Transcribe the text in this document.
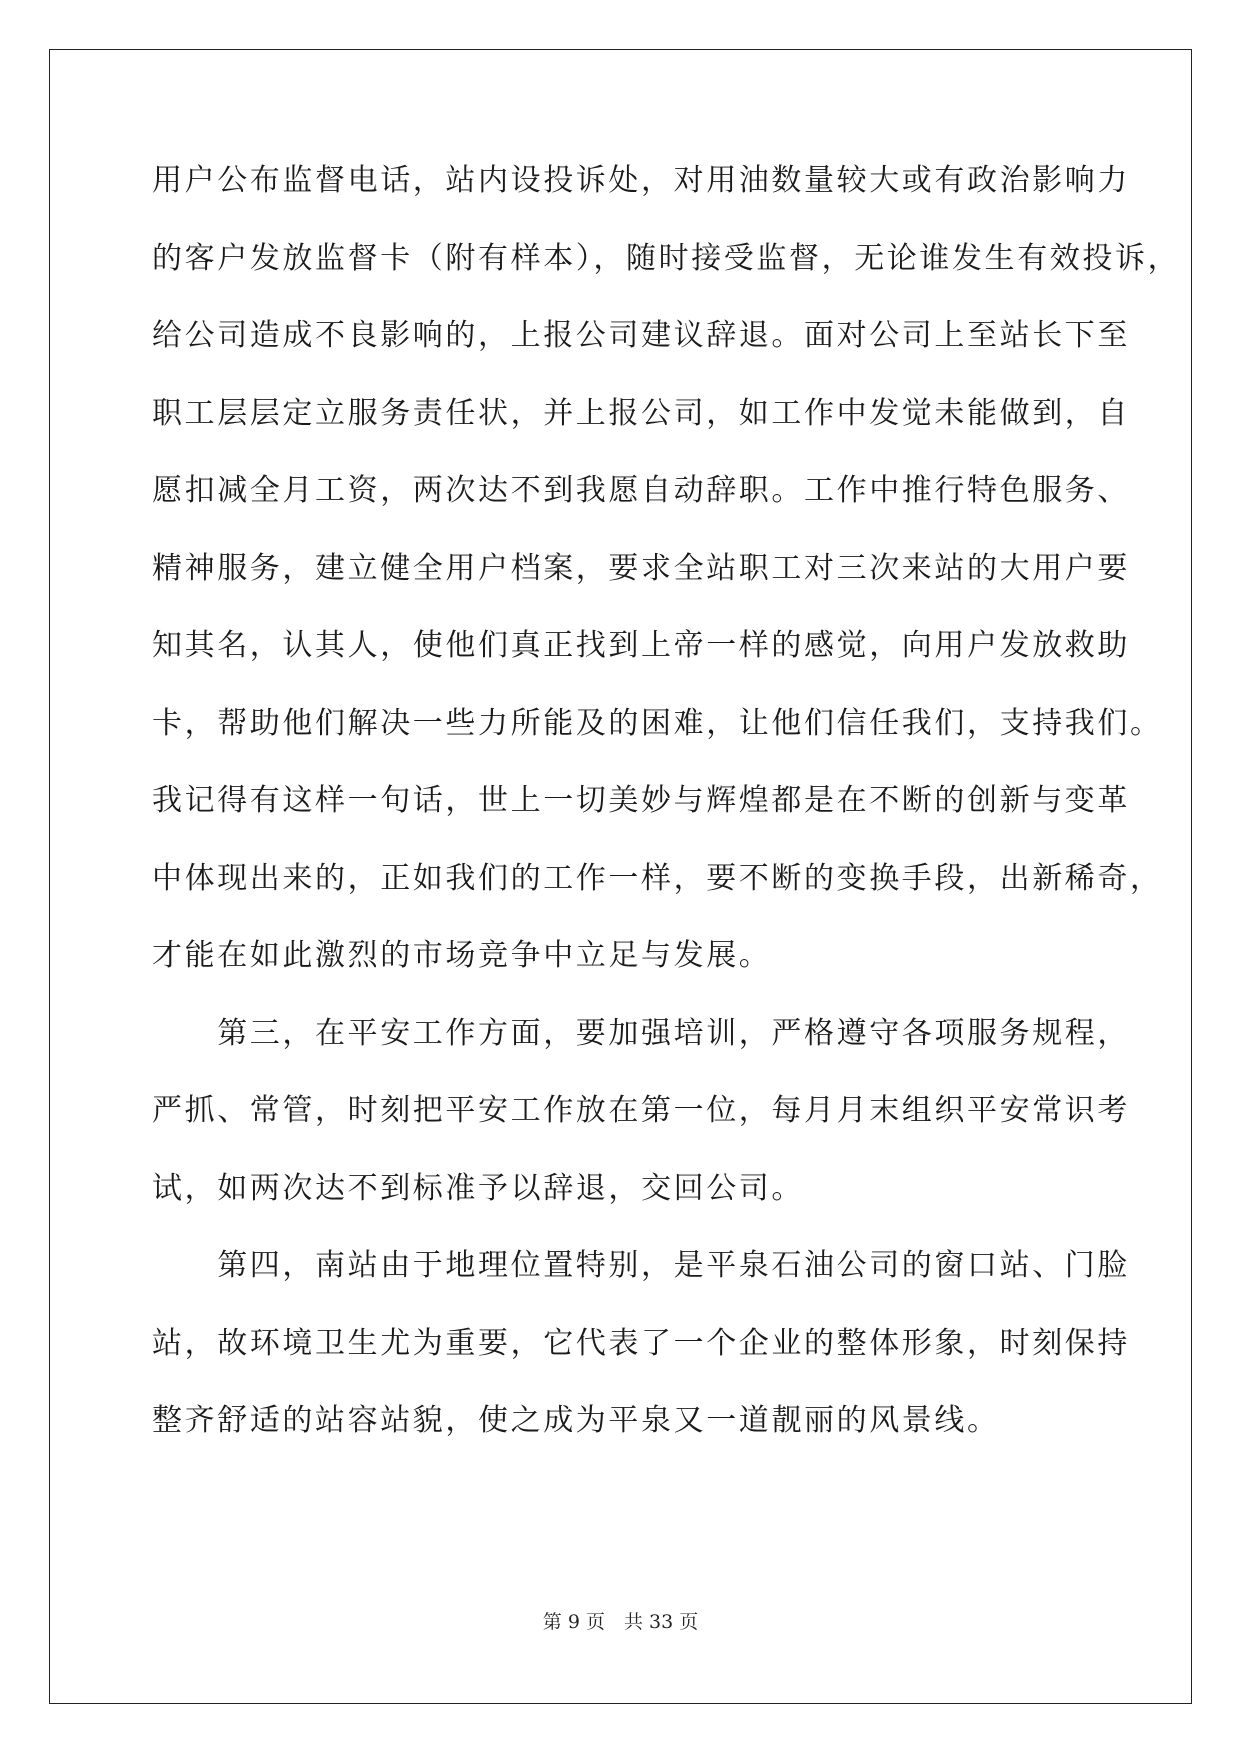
用户公布监督电话，站内设投诉处，对用油数量较大或有政治影响力
的客户发放监督卡（附有样本），随时接受监督，无论谁发生有效投诉，
给公司造成不良影响的，上报公司建议辞退。面对公司上至站长下至
职工层层定立服务责任状，并上报公司，如工作中发觉未能做到，自
愿扣减全月工资，两次达不到我愿自动辞职。工作中推行特色服务、
精神服务，建立健全用户档案，要求全站职工对三次来站的大用户要
知其名，认其人，使他们真正找到上帝一样的感觉，向用户发放救助
卡，帮助他们解决一些力所能及的困难，让他们信任我们，支持我们。
我记得有这样一句话，世上一切美妙与辉煌都是在不断的创新与变革
中体现出来的，正如我们的工作一样，要不断的变换手段，出新稀奇，
才能在如此激烈的市场竞争中立足与发展。
　　第三，在平安工作方面，要加强培训，严格遵守各项服务规程，
严抓、常管，时刻把平安工作放在第一位，每月月末组织平安常识考
试，如两次达不到标准予以辞退，交回公司。
　　第四，南站由于地理位置特别，是平泉石油公司的窗口站、门脸
站，故环境卫生尤为重要，它代表了一个企业的整体形象，时刻保持
整齐舒适的站容站貌，使之成为平泉又一道靓丽的风景线。
第 9 页　共 33 页
